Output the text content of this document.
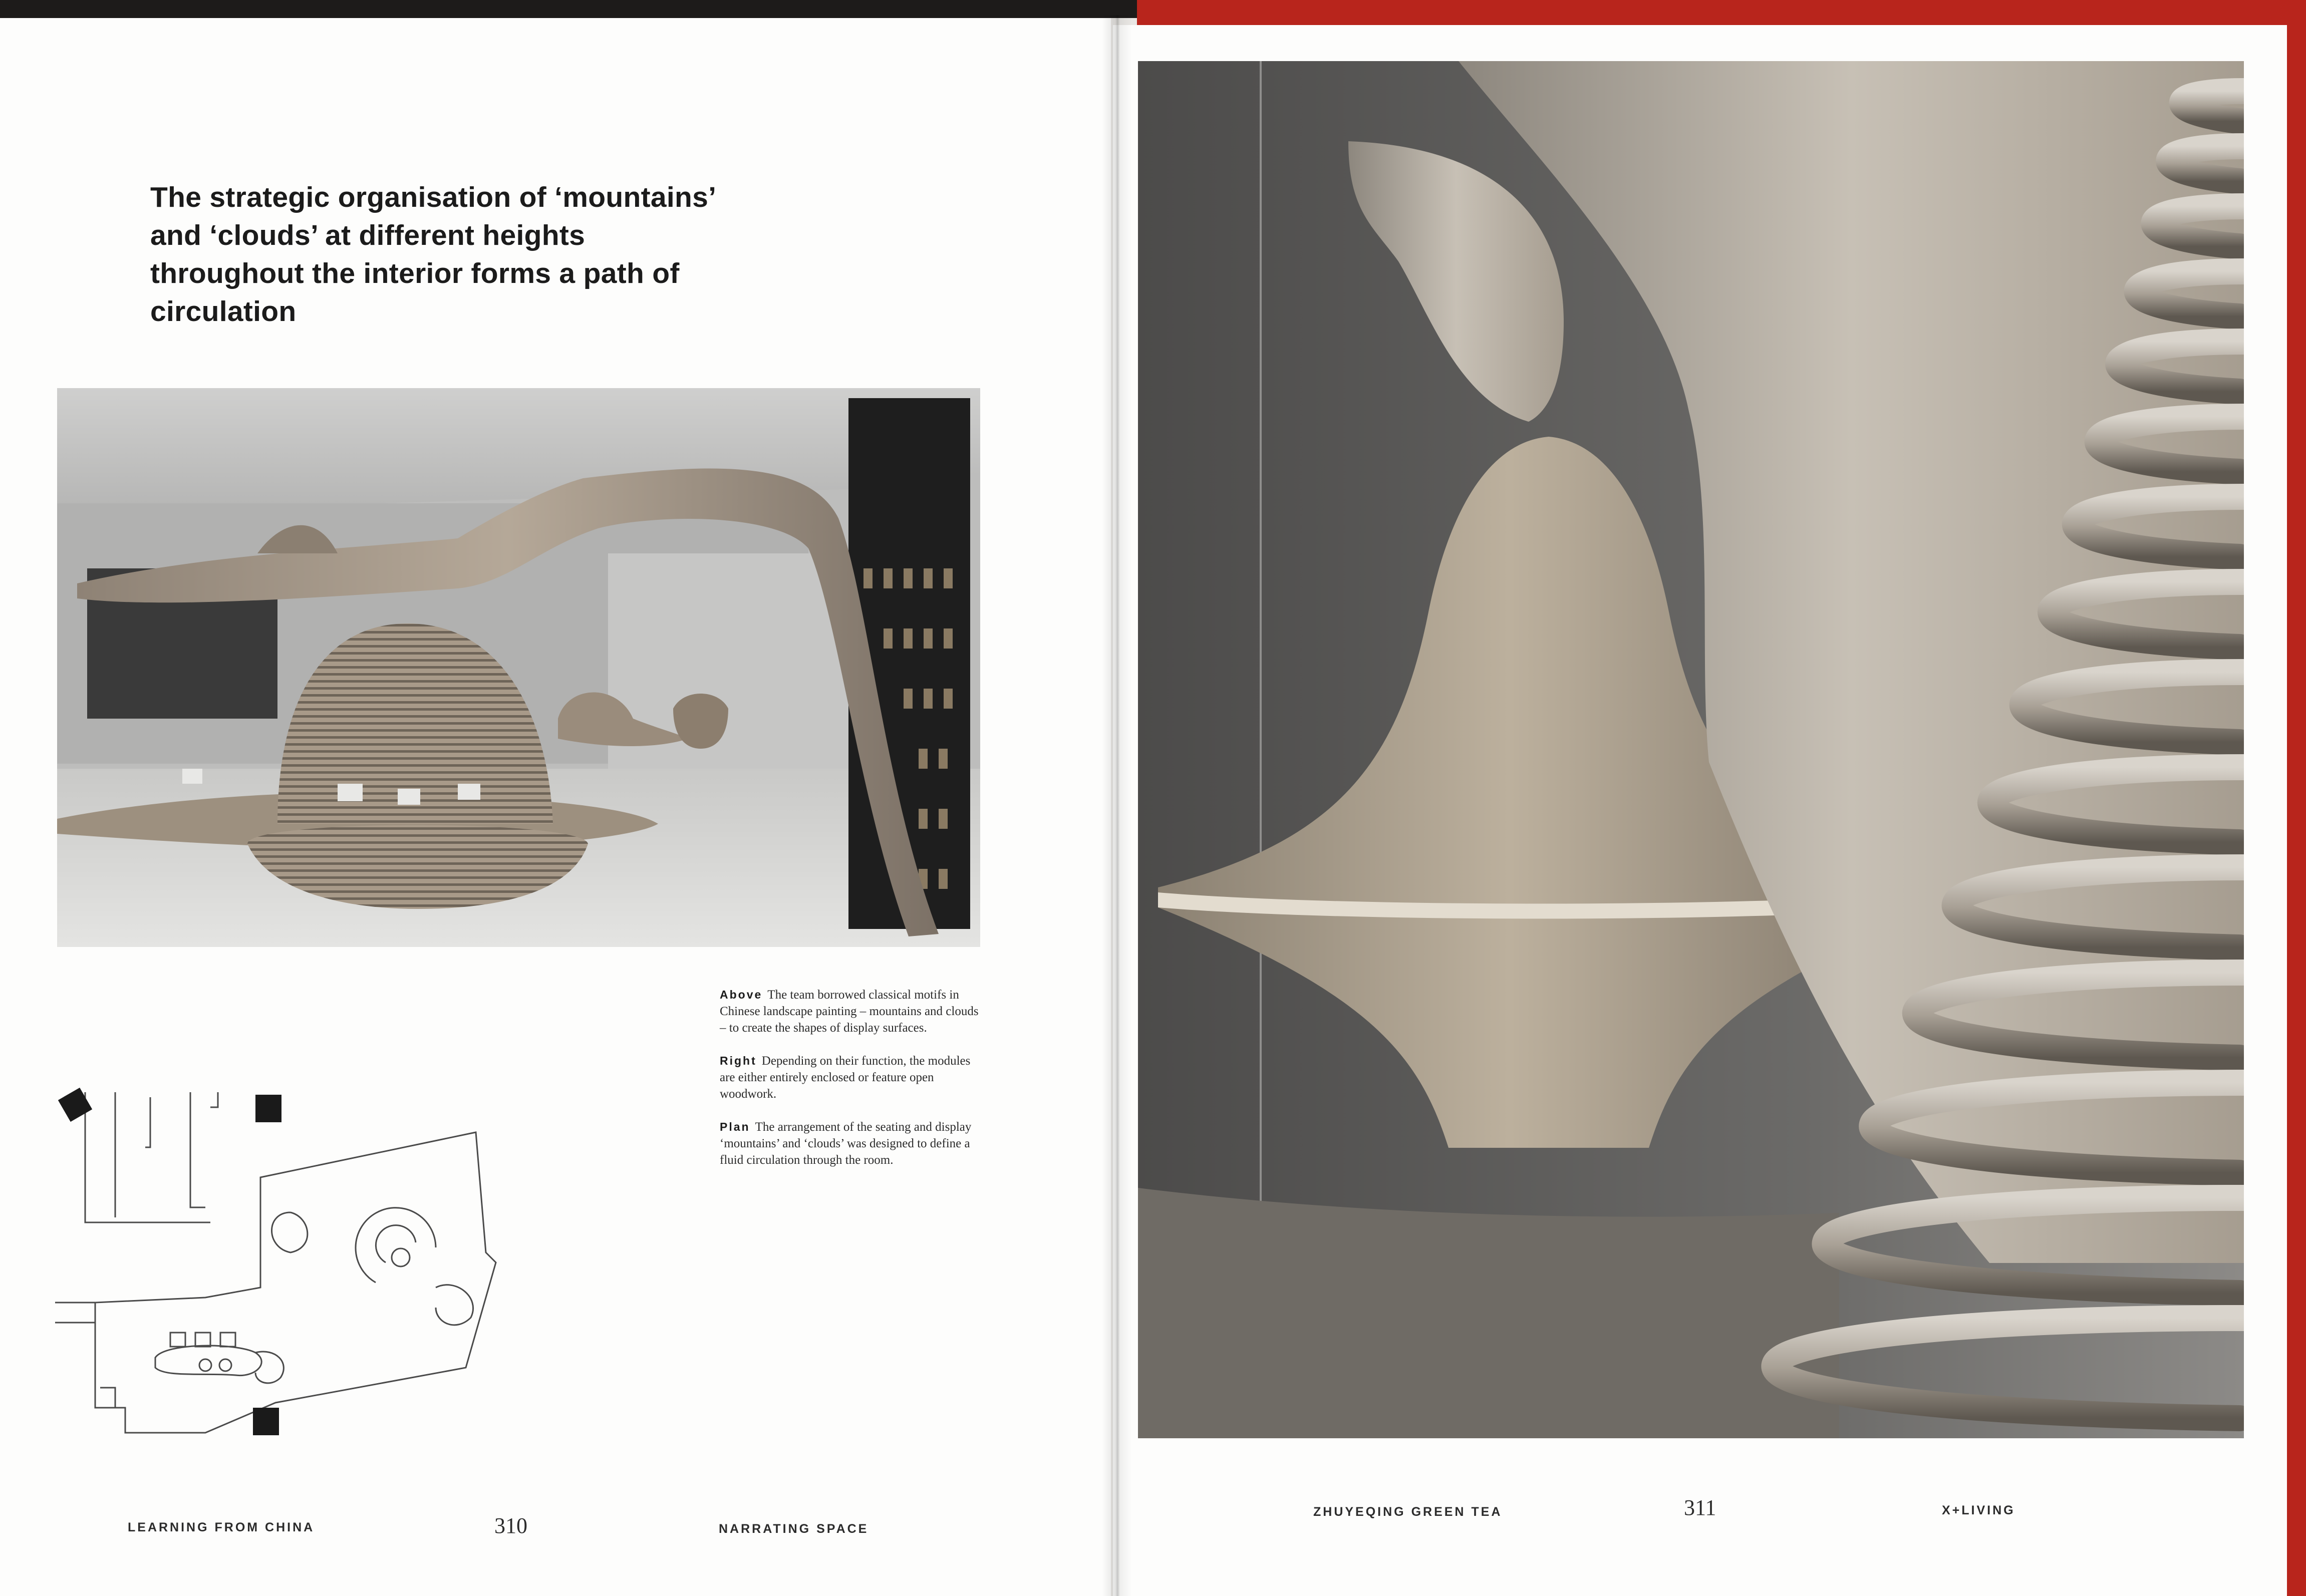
The strategic organisation of ‘mountains’ and ‘clouds’ at different heights throughout the interior forms a path of circulation

Above The team borrowed classical motifs in Chinese landscape painting – mountains and clouds – to create the shapes of display surfaces.

Right Depending on their function, the modules are either entirely enclosed or feature open woodwork.

Plan The arrangement of the seating and display ‘mountains’ and ‘clouds’ was designed to define a fluid circulation through the room.

LEARNING FROM CHINA	310	NARRATING SPACE
ZHUYEQING GREEN TEA	311	X+LIVING
